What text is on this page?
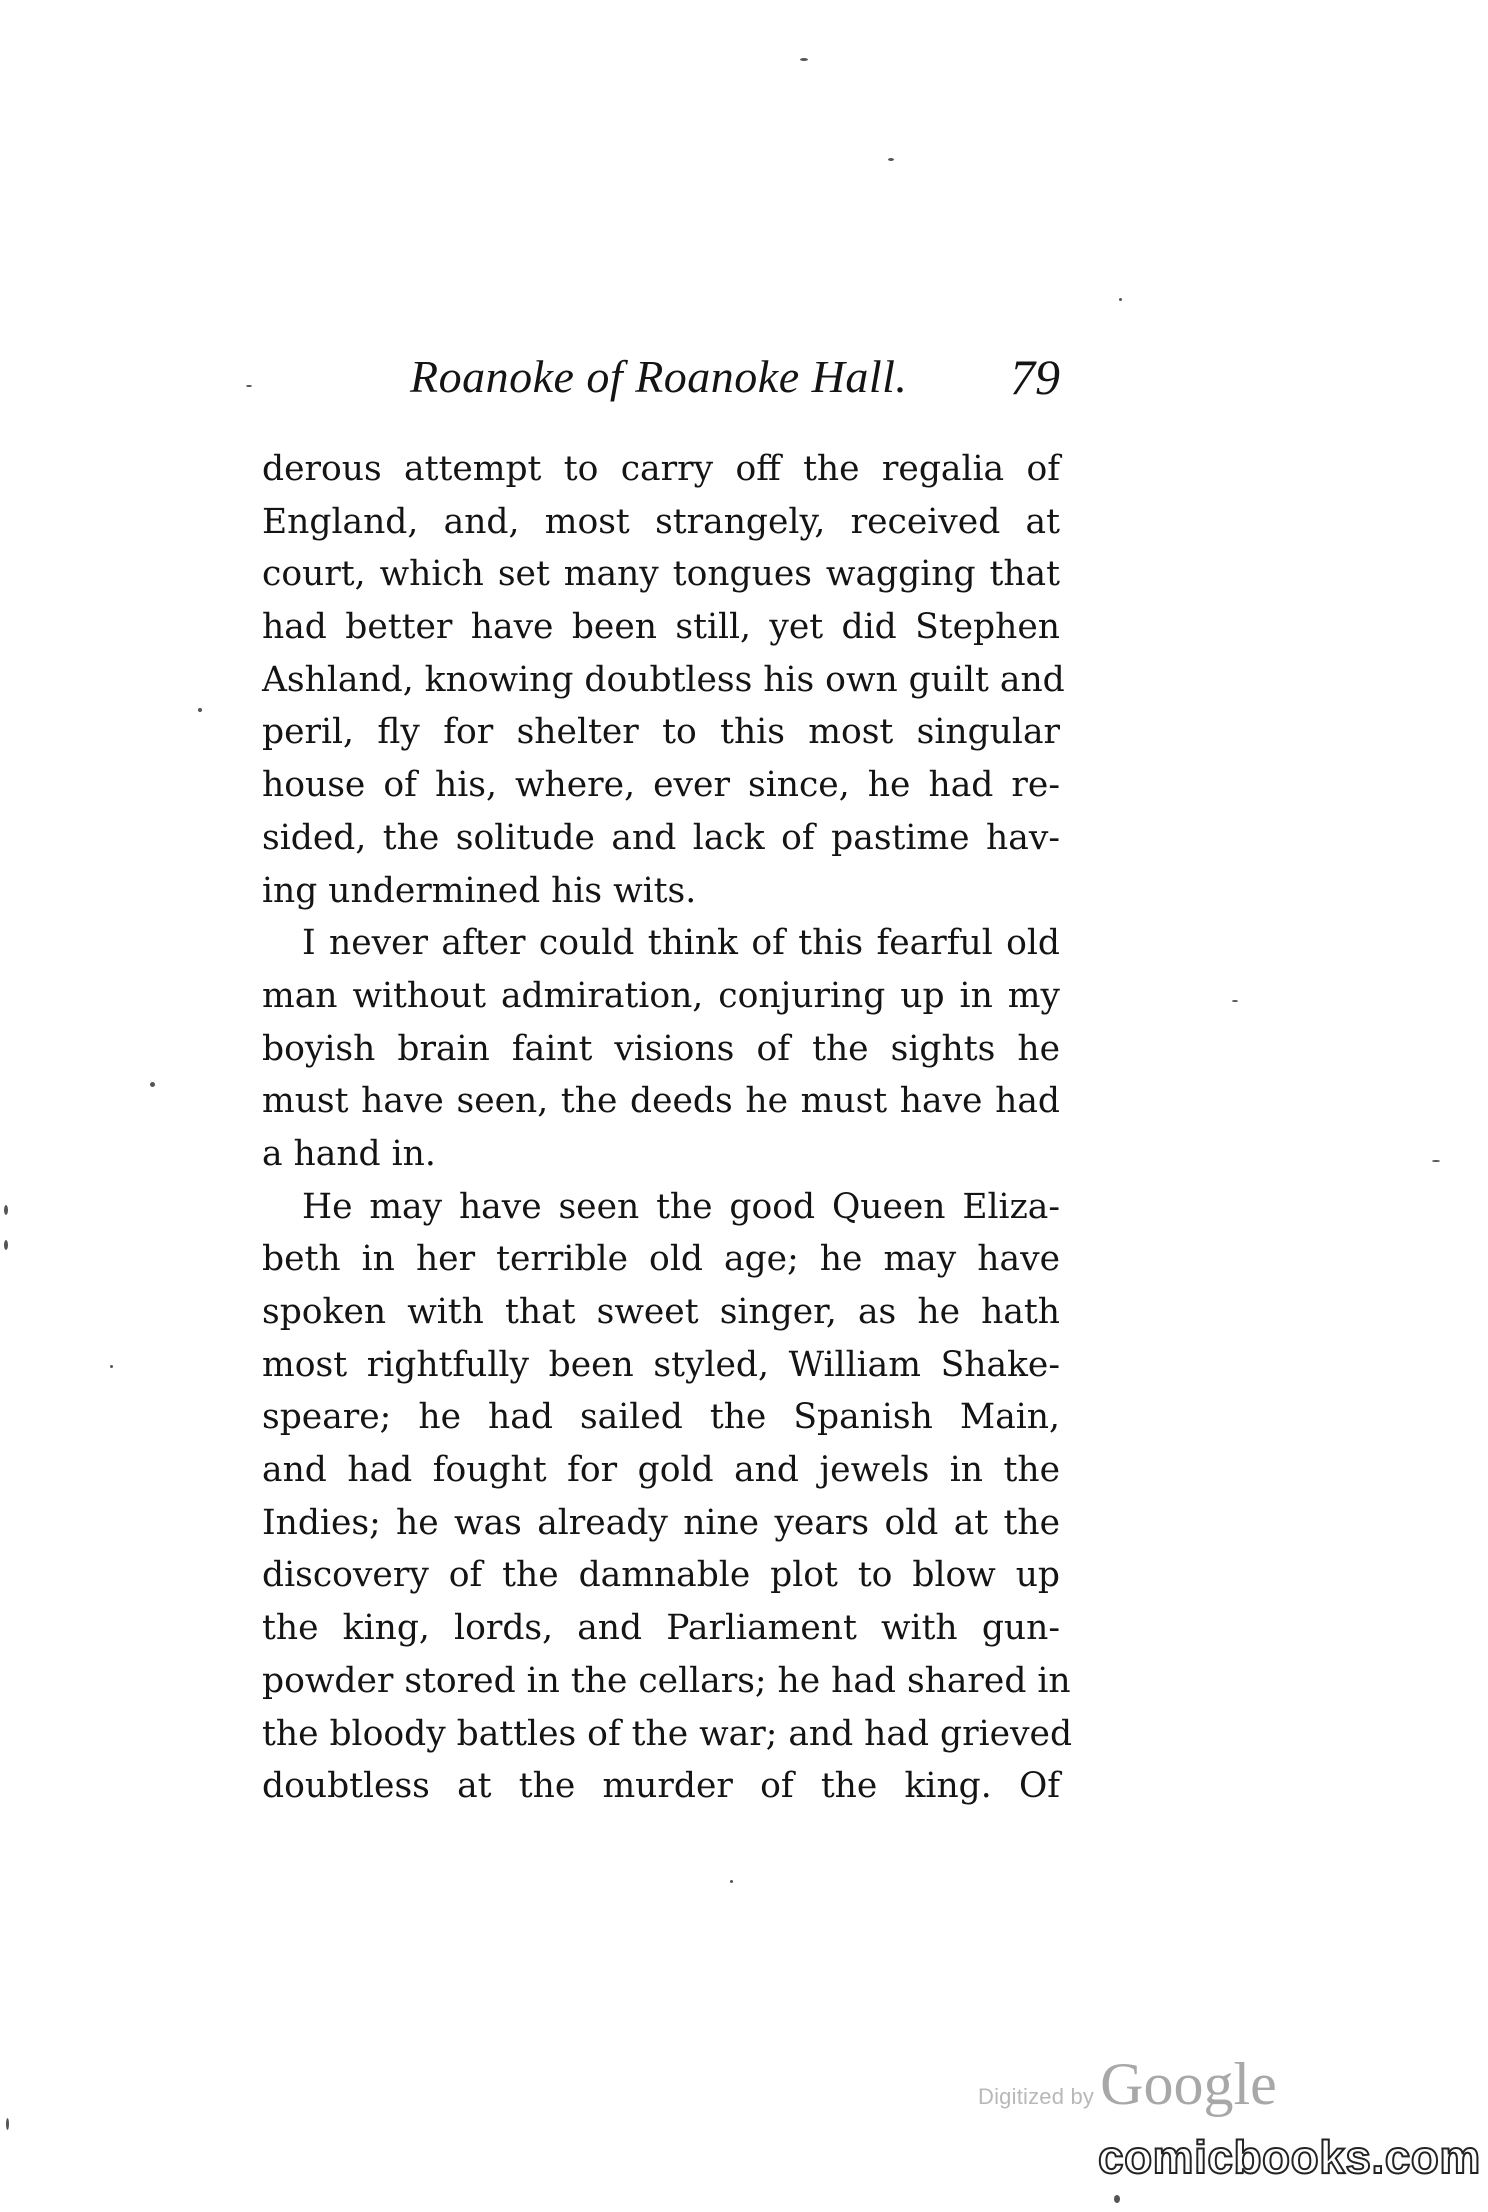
Roanoke of Roanoke Hall. 79
derous attempt to carry off the regalia of
England, and, most strangely, received at
court, which set many tongues wagging that
had better have been still, yet did Stephen
Ashland, knowing doubtless his own guilt and
peril, fly for shelter to this most singular
house of his, where, ever since, he had re-
sided, the solitude and lack of pastime hav-
ing undermined his wits.
I never after could think of this fearful old
man without admiration, conjuring up in my
boyish brain faint visions of the sights he
must have seen, the deeds he must have had
a hand in.
He may have seen the good Queen Eliza-
beth in her terrible old age; he may have
spoken with that sweet singer, as he hath
most rightfully been styled, William Shake-
speare; he had sailed the Spanish Main,
and had fought for gold and jewels in the
Indies; he was already nine years old at the
discovery of the damnable plot to blow up
the king, lords, and Parliament with gun-
powder stored in the cellars; he had shared in
the bloody battles of the war; and had grieved
doubtless at the murder of the king. Of
Digitized by Google
comicbooks.com
